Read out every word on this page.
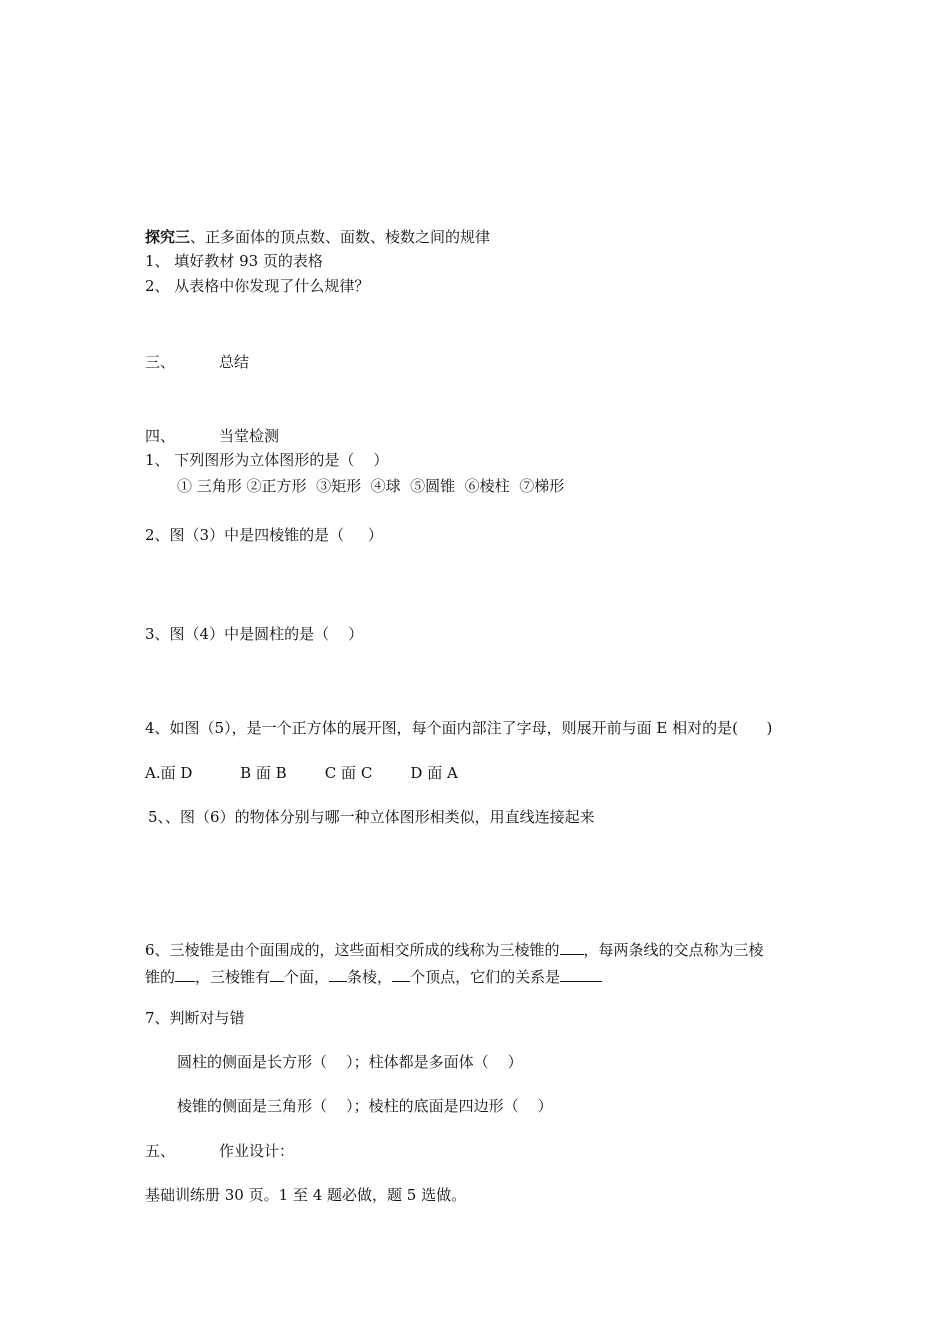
探究三、正多面体的顶点数、面数、棱数之间的规律
1、 填好教材 93 页的表格
2、 从表格中你发现了什么规律？
三、	总结
四、	当堂检测
1、 下列图形为立体图形的是（    ）
① 三角形 ②正方形  ③矩形  ④球  ⑤圆锥  ⑥棱柱  ⑦梯形
2、图（3）中是四棱锥的是（     ）
3、图（4）中是圆柱的是（    ）
4、如图（5），是一个正方体的展开图，每个面内部注了字母，则展开前与面 E 相对的是(      )
A.面 D          B 面 B        C 面 C        D 面 A
5、、图（6）的物体分别与哪一种立体图形相类似，用直线连接起来
6、三棱锥是由个面围成的，这些面相交所成的线称为三棱锥的 ，每两条线的交点称为三棱
锥的 ，三棱锥有 个面， 条棱， 个顶点，它们的关系是
7、判断对与错
圆柱的侧面是长方形（    ）；柱体都是多面体（    ）
棱锥的侧面是三角形（    ）；棱柱的底面是四边形（    ）
五、	作业设计：
基础训练册 30 页。1 至 4 题必做，题 5 选做。
